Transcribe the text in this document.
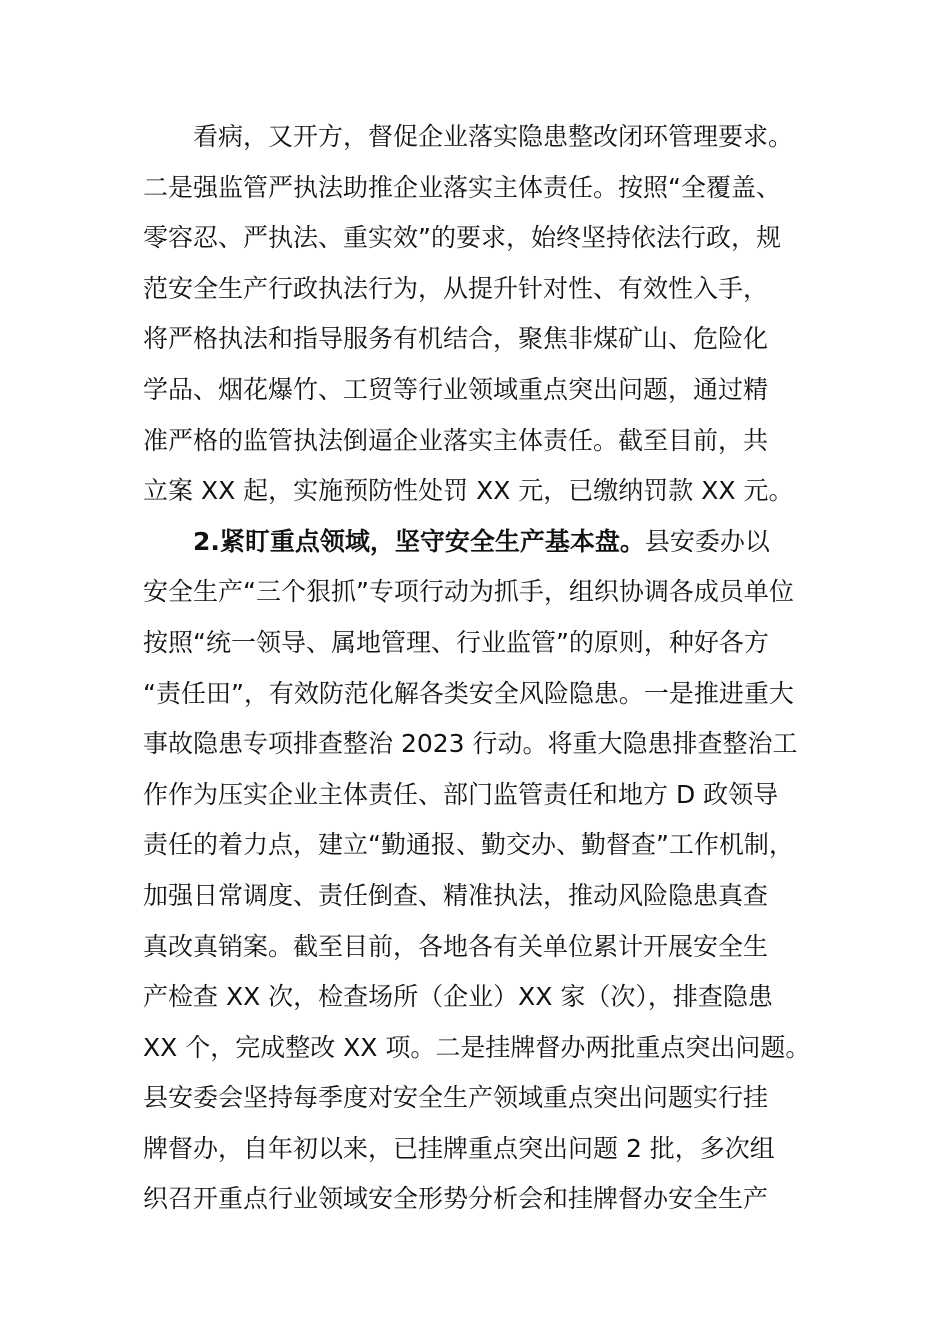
看病，又开方，督促企业落实隐患整改闭环管理要求。
二是强监管严执法助推企业落实主体责任。按照“全覆盖、
零容忍、严执法、重实效”的要求，始终坚持依法行政，规
范安全生产行政执法行为，从提升针对性、有效性入手，
将严格执法和指导服务有机结合，聚焦非煤矿山、危险化
学品、烟花爆竹、工贸等行业领域重点突出问题，通过精
准严格的监管执法倒逼企业落实主体责任。截至目前，共
立案 XX 起，实施预防性处罚 XX 元，已缴纳罚款 XX 元。
2.紧盯重点领域，坚守安全生产基本盘。县安委办以
安全生产“三个狠抓”专项行动为抓手，组织协调各成员单位
按照“统一领导、属地管理、行业监管”的原则，种好各方
“责任田”，有效防范化解各类安全风险隐患。一是推进重大
事故隐患专项排查整治 2023 行动。将重大隐患排查整治工
作作为压实企业主体责任、部门监管责任和地方 D 政领导
责任的着力点，建立“勤通报、勤交办、勤督查”工作机制，
加强日常调度、责任倒查、精准执法，推动风险隐患真查
真改真销案。截至目前，各地各有关单位累计开展安全生
产检查 XX 次，检查场所（企业）XX 家（次），排查隐患
XX 个，完成整改 XX 项。二是挂牌督办两批重点突出问题。
县安委会坚持每季度对安全生产领域重点突出问题实行挂
牌督办，自年初以来，已挂牌重点突出问题 2 批，多次组
织召开重点行业领域安全形势分析会和挂牌督办安全生产
